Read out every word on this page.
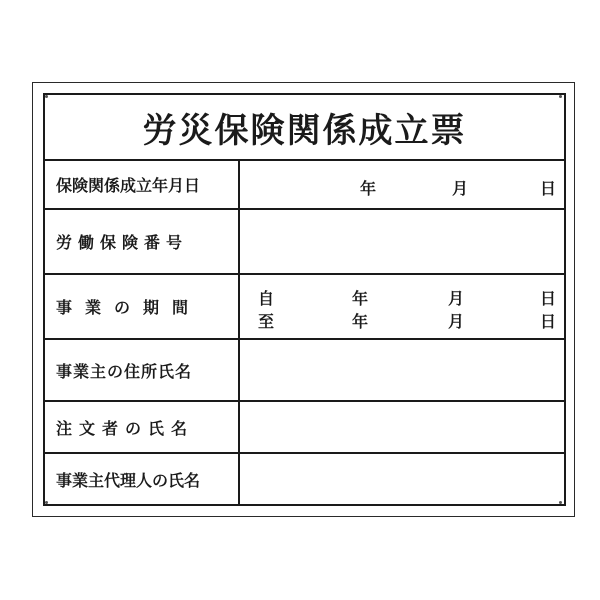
労災保険関係成立票
保険関係成立年月日	年	月	日
労働保険番号
事業の期間	自	年	月	日
至	年	月	日
事業主の住所氏名
注文者の氏名
事業主代理人の氏名
